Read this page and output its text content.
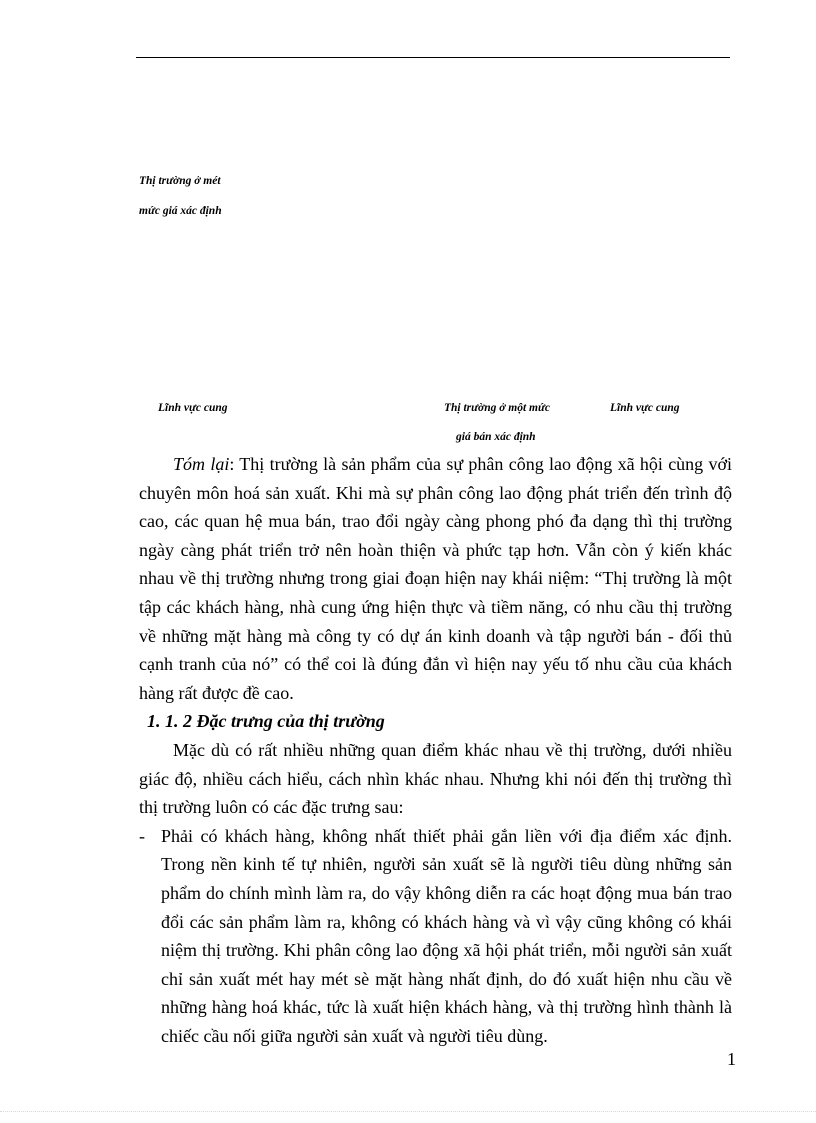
Thị trường ở mét
mức giá xác định
Lĩnh vực cung	Thị trường ở một mức
giá bán xác định
Lĩnh vực cung

Tóm lại: Thị trường là sản phẩm của sự phân công lao động xã hội cùng với chuyên môn hoá sản xuất. Khi mà sự phân công lao động phát triển đến trình độ cao, các quan hệ mua bán, trao đổi ngày càng phong phó đa dạng thì thị trường ngày càng phát triển trở nên hoàn thiện và phức tạp hơn. Vẫn còn ý kiến khác nhau về thị trường nhưng trong giai đoạn hiện nay khái niệm: “Thị trường là một tập các khách hàng, nhà cung ứng hiện thực và tiềm năng, có nhu cầu thị trường về những mặt hàng mà công ty có dự án kinh doanh và tập người bán - đối thủ cạnh tranh của nó” có thể coi là đúng đắn vì hiện nay yếu tố nhu cầu của khách hàng rất được đề cao.

1. 1. 2 Đặc trưng của thị trường

Mặc dù có rất nhiều những quan điểm khác nhau về thị trường, dưới nhiều giác độ, nhiều cách hiểu, cách nhìn khác nhau. Nhưng khi nói đến thị trường thì thị trường luôn có các đặc trưng sau:

- Phải có khách hàng, không nhất thiết phải gắn liền với địa điểm xác định. Trong nền kinh tế tự nhiên, người sản xuất sẽ là người tiêu dùng những sản phẩm do chính mình làm ra, do vậy không diễn ra các hoạt động mua bán trao đổi các sản phẩm làm ra, không có khách hàng và vì vậy cũng không có khái niệm thị trường. Khi phân công lao động xã hội phát triển, mỗi người sản xuất chỉ sản xuất mét hay mét sè mặt hàng nhất định, do đó xuất hiện nhu cầu về những hàng hoá khác, tức là xuất hiện khách hàng, và thị trường hình thành là chiếc cầu nối giữa người sản xuất và người tiêu dùng.
1
